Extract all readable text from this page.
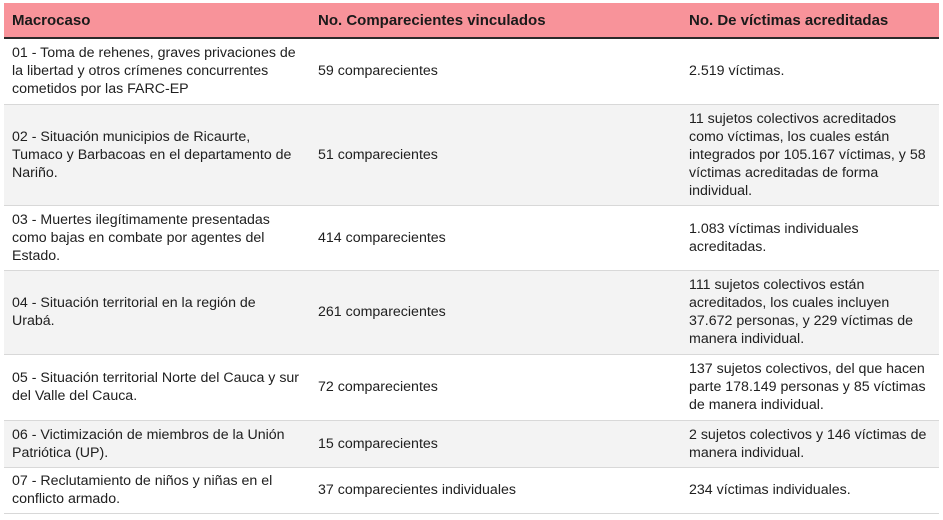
Macrocaso	No. Comparecientes vinculados	No. De víctimas acreditadas
01 - Toma de rehenes, graves privaciones de la libertad y otros crímenes concurrentes cometidos por las FARC-EP	59 comparecientes	2.519 víctimas.
02 - Situación municipios de Ricaurte, Tumaco y Barbacoas en el departamento de Nariño.	51 comparecientes	11 sujetos colectivos acreditados como víctimas, los cuales están integrados por 105.167 víctimas, y 58 víctimas acreditadas de forma individual.
03 - Muertes ilegítimamente presentadas como bajas en combate por agentes del Estado.	414 comparecientes	1.083 víctimas individuales acreditadas.
04 - Situación territorial en la región de Urabá.	261 comparecientes	111 sujetos colectivos están acreditados, los cuales incluyen 37.672 personas, y 229 víctimas de manera individual.
05 - Situación territorial Norte del Cauca y sur del Valle del Cauca.	72 comparecientes	137 sujetos colectivos, del que hacen parte 178.149 personas y 85 víctimas de manera individual.
06 - Victimización de miembros de la Unión Patriótica (UP).	15 comparecientes	2 sujetos colectivos y 146 víctimas de manera individual.
07 - Reclutamiento de niños y niñas en el conflicto armado.	37 comparecientes individuales	234 víctimas individuales.
